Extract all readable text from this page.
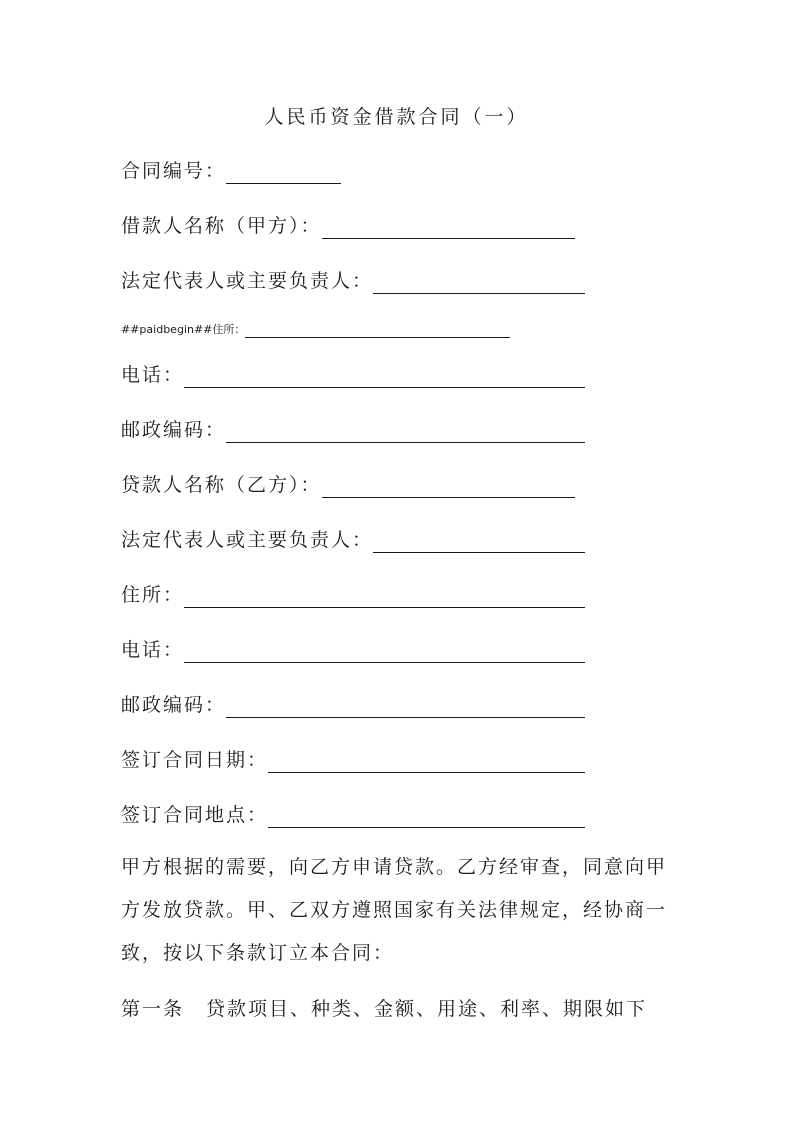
人民币资金借款合同（一）
合同编号：
借款人名称（甲方）：
法定代表人或主要负责人：
##paidbegin##住所：
电话：
邮政编码：
贷款人名称（乙方）：
法定代表人或主要负责人：
住所：
电话：
邮政编码：
签订合同日期：
签订合同地点：

甲方根据的需要，向乙方申请贷款。乙方经审查，同意向甲

方发放贷款。甲、乙双方遵照国家有关法律规定，经协商一

致，按以下条款订立本合同：

第一条 贷款项目、种类、金额、用途、利率、期限如下
